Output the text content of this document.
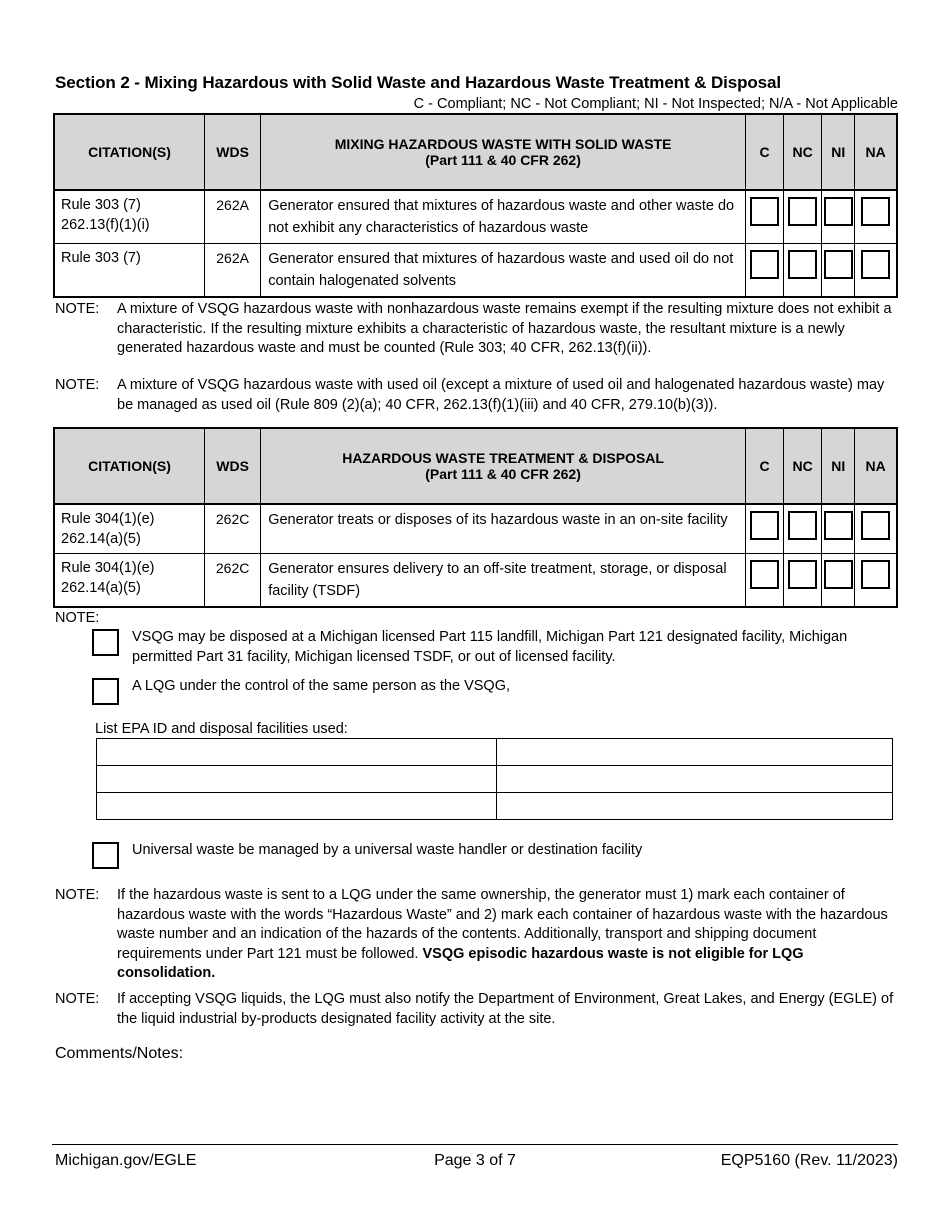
Section 2 - Mixing Hazardous with Solid Waste and Hazardous Waste Treatment & Disposal
C - Compliant; NC - Not Compliant; NI - Not Inspected; N/A - Not Applicable
CITATION(S)	WDS	MIXING HAZARDOUS WASTE WITH SOLID WASTE
(Part 111 & 40 CFR 262)	C	NC	NI	NA

Rule 303 (7)
262.13(f)(1)(i)	262A	Generator ensured that mixtures of hazardous waste and other waste do not exhibit any characteristics of hazardous waste	

Rule 303 (7)	262A	Generator ensured that mixtures of hazardous waste and used oil do not contain halogenated solvents	

NOTE:	A mixture of VSQG hazardous waste with nonhazardous waste remains exempt if the resulting mixture does not exhibit a characteristic. If the resulting mixture exhibits a characteristic of hazardous waste, the resultant mixture is a newly generated hazardous waste and must be counted (Rule 303; 40 CFR, 262.13(f)(ii)).
NOTE:	A mixture of VSQG hazardous waste with used oil (except a mixture of used oil and halogenated hazardous waste) may be managed as used oil (Rule 809 (2)(a); 40 CFR, 262.13(f)(1)(iii) and 40 CFR, 279.10(b)(3)).
CITATION(S)	WDS	HAZARDOUS WASTE TREATMENT & DISPOSAL
(Part 111 & 40 CFR 262)	C	NC	NI	NA

Rule 304(1)(e)
262.14(a)(5)	262C	Generator treats or disposes of its hazardous waste in an on-site facility	

Rule 304(1)(e)
262.14(a)(5)	262C	Generator ensures delivery to an off-site treatment, storage, or disposal facility (TSDF)	

NOTE:
VSQG may be disposed at a Michigan licensed Part 115 landfill, Michigan Part 121 designated facility, Michigan permitted Part 31 facility, Michigan licensed TSDF, or out of licensed facility.
A LQG under the control of the same person as the VSQG,
List EPA ID and disposal facilities used:

Universal waste be managed by a universal waste handler or destination facility
NOTE:	If the hazardous waste is sent to a LQG under the same ownership, the generator must 1) mark each container of hazardous waste with the words “Hazardous Waste” and 2) mark each container of hazardous waste with the hazardous waste number and an indication of the hazards of the contents. Additionally, transport and shipping document requirements under Part 121 must be followed. VSQG episodic hazardous waste is not eligible for LQG consolidation.
NOTE:	If accepting VSQG liquids, the LQG must also notify the Department of Environment, Great Lakes, and Energy (EGLE) of the liquid industrial by-products designated facility activity at the site.
Comments/Notes:
Michigan.gov/EGLE	Page 3 of 7	EQP5160 (Rev. 11/2023)
